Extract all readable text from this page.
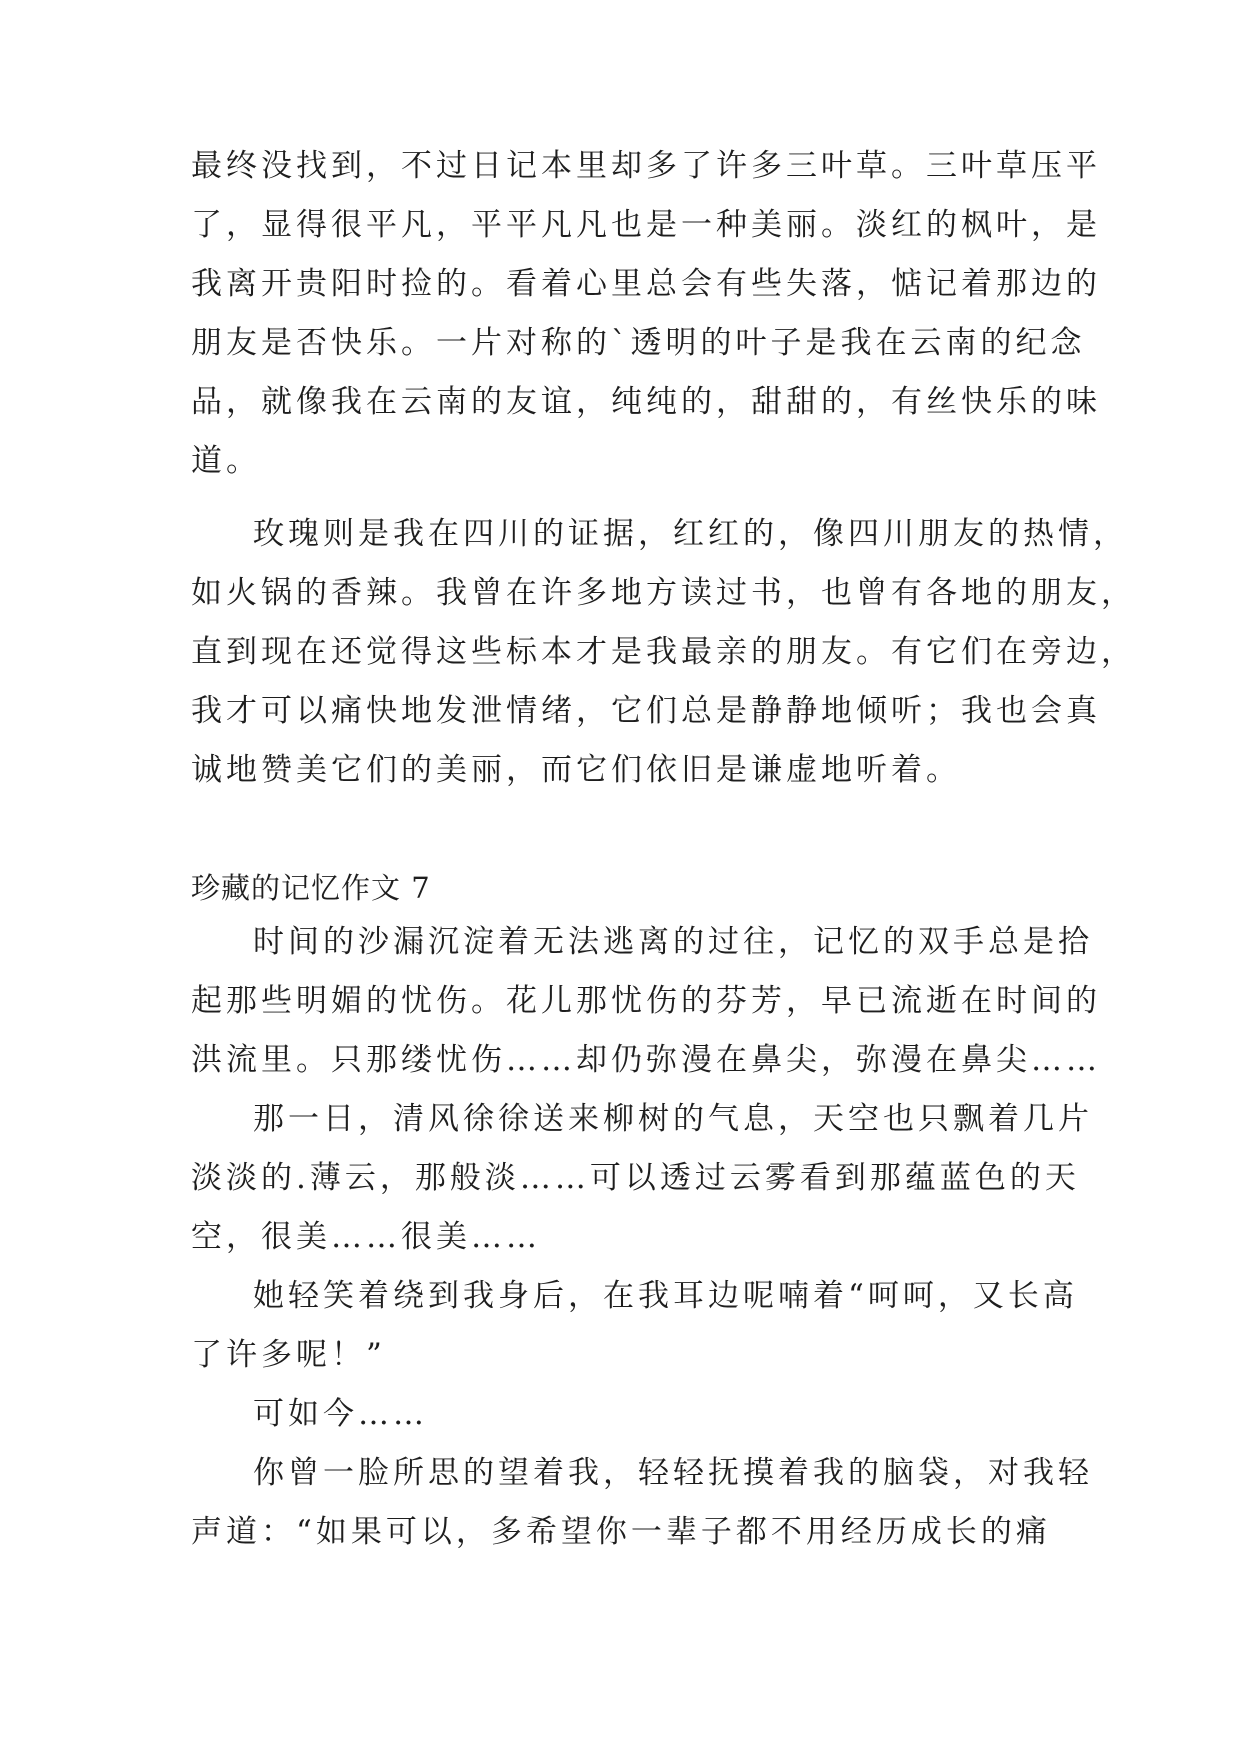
最终没找到，不过日记本里却多了许多三叶草。三叶草压平
了，显得很平凡，平平凡凡也是一种美丽。淡红的枫叶，是
我离开贵阳时捡的。看着心里总会有些失落，惦记着那边的
朋友是否快乐。一片对称的`透明的叶子是我在云南的纪念
品，就像我在云南的友谊，纯纯的，甜甜的，有丝快乐的味
道。
玫瑰则是我在四川的证据，红红的，像四川朋友的热情，
如火锅的香辣。我曾在许多地方读过书，也曾有各地的朋友，
直到现在还觉得这些标本才是我最亲的朋友。有它们在旁边，
我才可以痛快地发泄情绪，它们总是静静地倾听；我也会真
诚地赞美它们的美丽，而它们依旧是谦虚地听着。
珍藏的记忆作文 7
时间的沙漏沉淀着无法逃离的过往，记忆的双手总是拾
起那些明媚的忧伤。花儿那忧伤的芬芳，早已流逝在时间的
洪流里。只那缕忧伤……却仍弥漫在鼻尖，弥漫在鼻尖……
那一日，清风徐徐送来柳树的气息，天空也只飘着几片
淡淡的.薄云，那般淡……可以透过云雾看到那蕴蓝色的天
空，很美……很美……
她轻笑着绕到我身后，在我耳边呢喃着“呵呵，又长高
了许多呢！”
可如今……
你曾一脸所思的望着我，轻轻抚摸着我的脑袋，对我轻
声道：“如果可以，多希望你一辈子都不用经历成长的痛
